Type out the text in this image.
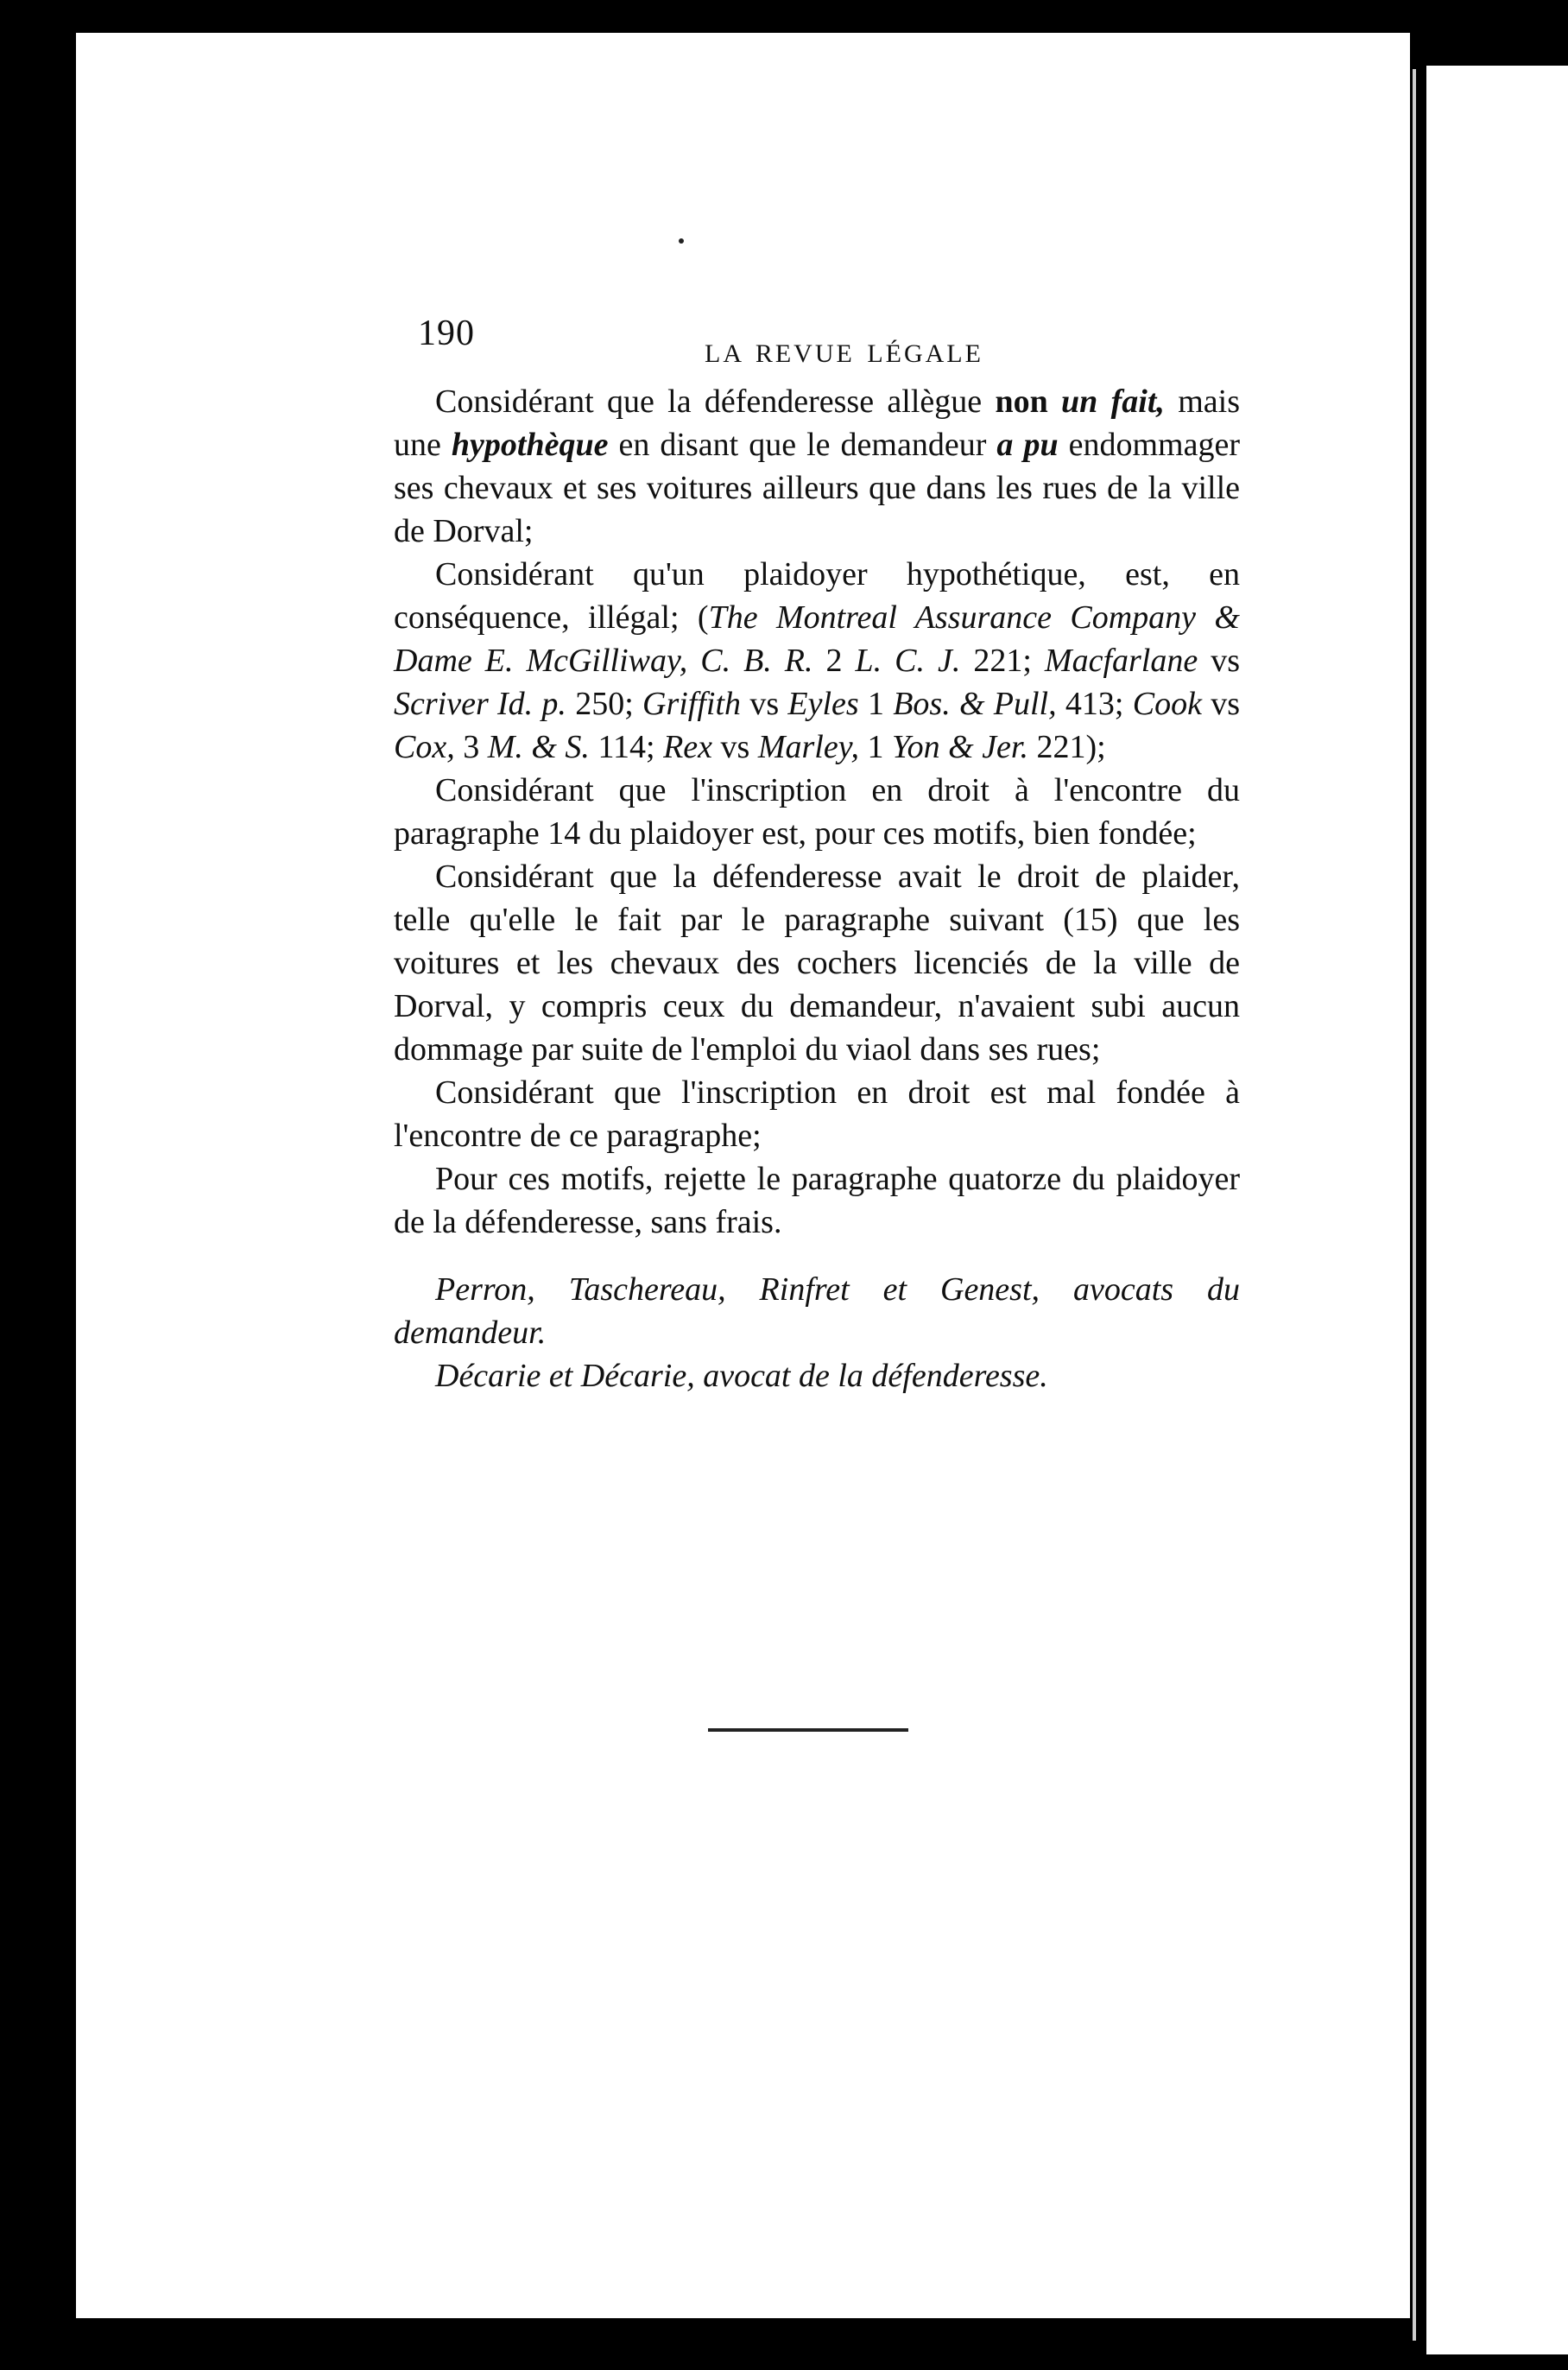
190
LA REVUE LÉGALE

Considérant que la défenderesse allègue non un fait, mais une hypothèque en disant que le demandeur a pu endommager ses chevaux et ses voitures ailleurs que dans les rues de la ville de Dorval;

Considérant qu'un plaidoyer hypothétique, est, en conséquence, illégal; (The Montreal Assurance Company & Dame E. McGilliway, C. B. R. 2 L. C. J. 221; Macfarlane vs Scriver Id. p. 250; Griffith vs Eyles 1 Bos. & Pull, 413; Cook vs Cox, 3 M. & S. 114; Rex vs Marley, 1 Yon & Jer. 221);

Considérant que l'inscription en droit à l'encontre du paragraphe 14 du plaidoyer est, pour ces motifs, bien fondée;

Considérant que la défenderesse avait le droit de plaider, telle qu'elle le fait par le paragraphe suivant (15) que les voitures et les chevaux des cochers licenciés de la ville de Dorval, y compris ceux du demandeur, n'avaient subi aucun dommage par suite de l'emploi du viaol dans ses rues;

Considérant que l'inscription en droit est mal fondée à l'encontre de ce paragraphe;

Pour ces motifs, rejette le paragraphe quatorze du plaidoyer de la défenderesse, sans frais.

Perron, Taschereau, Rinfret et Genest, avocats du demandeur.

Décarie et Décarie, avocat de la défenderesse.
